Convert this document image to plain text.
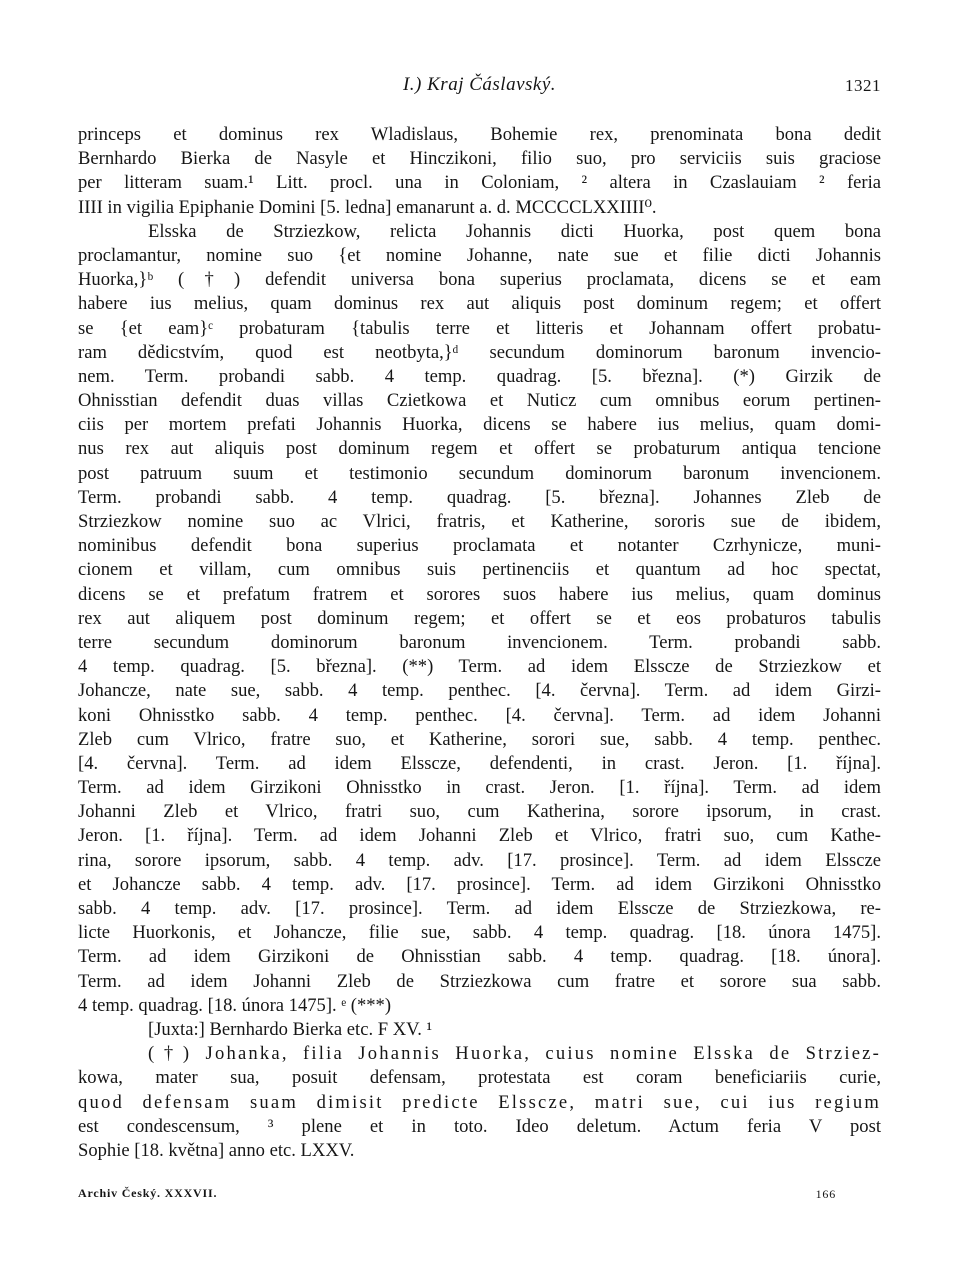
I.) Kraj Čáslavský.	1321

princeps et dominus rex Wladislaus, Bohemie rex, prenominata bona dedit
Bernhardo Bierka de Nasyle et Hinczikoni, filio suo, pro serviciis suis graciose
per litteram suam.¹ Litt. procl. una in Coloniam, ² altera in Czaslauiam ² feria
IIII in vigilia Epiphanie Domini [5. ledna] emanarunt a. d. MCCCCLXXIIII⁰.
Elsska de Strziezkow, relicta Johannis dicti Huorka, post quem bona
proclamantur, nomine suo {et nomine Johanne, nate sue et filie dicti Johannis
Huorka,}ᵇ (†) defendit universa bona superius proclamata, dicens se et eam
habere ius melius, quam dominus rex aut aliquis post dominum regem; et offert
se {et eam}ᶜ probaturam {tabulis terre et litteris et Johannam offert probatu-
ram dědicstvím, quod est neotbyta,}ᵈ secundum dominorum baronum invencio-
nem. Term. probandi sabb. 4 temp. quadrag. [5. března]. (*) Girzik de
Ohnisstian defendit duas villas Czietkowa et Nuticz cum omnibus eorum pertinen-
ciis per mortem prefati Johannis Huorka, dicens se habere ius melius, quam domi-
nus rex aut aliquis post dominum regem et offert se probaturum antiqua tencione
post patruum suum et testimonio secundum dominorum baronum invencionem.
Term. probandi sabb. 4 temp. quadrag. [5. března]. Johannes Zleb de
Strziezkow nomine suo ac Vlrici, fratris, et Katherine, sororis sue de ibidem,
nominibus defendit bona superius proclamata et notanter Czrhynicze, muni-
cionem et villam, cum omnibus suis pertinenciis et quantum ad hoc spectat,
dicens se et prefatum fratrem et sorores suos habere ius melius, quam dominus
rex aut aliquem post dominum regem; et offert se et eos probaturos tabulis
terre secundum dominorum baronum invencionem. Term. probandi sabb.
4 temp. quadrag. [5. března]. (**) Term. ad idem Elsscze de Strziezkow et
Johancze, nate sue, sabb. 4 temp. penthec. [4. června]. Term. ad idem Girzi-
koni Ohnisstko sabb. 4 temp. penthec. [4. června]. Term. ad idem Johanni
Zleb cum Vlrico, fratre suo, et Katherine, sorori sue, sabb. 4 temp. penthec.
[4. června]. Term. ad idem Elsscze, defendenti, in crast. Jeron. [1. října].
Term. ad idem Girzikoni Ohnisstko in crast. Jeron. [1. října]. Term. ad idem
Johanni Zleb et Vlrico, fratri suo, cum Katherina, sorore ipsorum, in crast.
Jeron. [1. října]. Term. ad idem Johanni Zleb et Vlrico, fratri suo, cum Kathe-
rina, sorore ipsorum, sabb. 4 temp. adv. [17. prosince]. Term. ad idem Elsscze
et Johancze sabb. 4 temp. adv. [17. prosince]. Term. ad idem Girzikoni Ohnisstko
sabb. 4 temp. adv. [17. prosince]. Term. ad idem Elsscze de Strziezkowa, re-
licte Huorkonis, et Johancze, filie sue, sabb. 4 temp. quadrag. [18. února 1475].
Term. ad idem Girzikoni de Ohnisstian sabb. 4 temp. quadrag. [18. února].
Term. ad idem Johanni Zleb de Strziezkowa cum fratre et sorore sua sabb.
4 temp. quadrag. [18. února 1475]. ᵉ (***)

[Juxta:] Bernhardo Bierka etc. F XV. ¹

(†) Johanka, filia Johannis Huorka, cuius nomine Elsska de Strziez-
kowa, mater sua, posuit defensam, protestata est coram beneficiariis curie,
quod defensam suam dimisit predicte Elsscze, matri sue, cui ius regium
est condescensum, ³ plene et in toto. Ideo deletum. Actum feria V post
Sophie [18. května] anno etc. LXXV.

Archiv Český. XXXVII.	166
